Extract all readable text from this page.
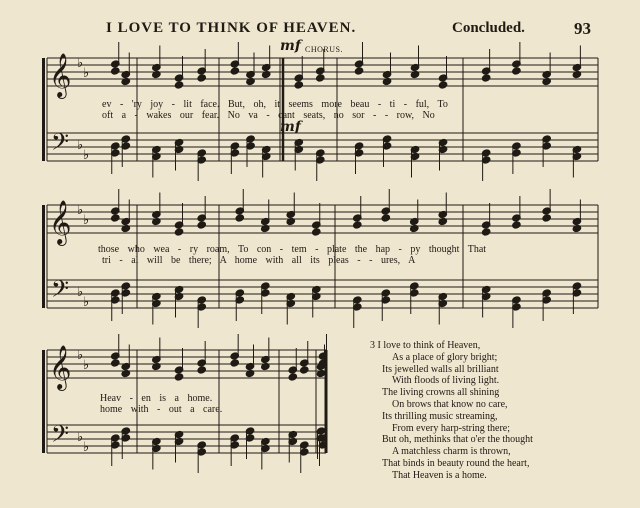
I LOVE TO THINK OF HEAVEN.	Concluded.	93
𝄞
𝄢
♭
♭
♭
♭
𝄞
𝄢
♭
♭
♭
♭
𝄞
𝄢
♭
♭
♭
♭
mf CHORUS.
mf
ev - 'ry joy - lit face. But, oh, it seems more beau - ti - ful, To
oft a - wakes our fear. No va - cant seats, no sor - - row, No
those who wea - ry roam, To con - tem - plate the hap - py thought That
tri - al will be there; A home with all its pleas - - ures, A
Heav - en is a home.
home with - out a care.
3 I love to think of Heaven,
As a place of glory bright;
Its jewelled walls all brilliant
With floods of living light.
The living crowns all shining
On brows that know no care,
Its thrilling music streaming,
From every harp-string there;
But oh, methinks that o'er the thought
A matchless charm is thrown,
That binds in beauty round the heart,
That Heaven is a home.
